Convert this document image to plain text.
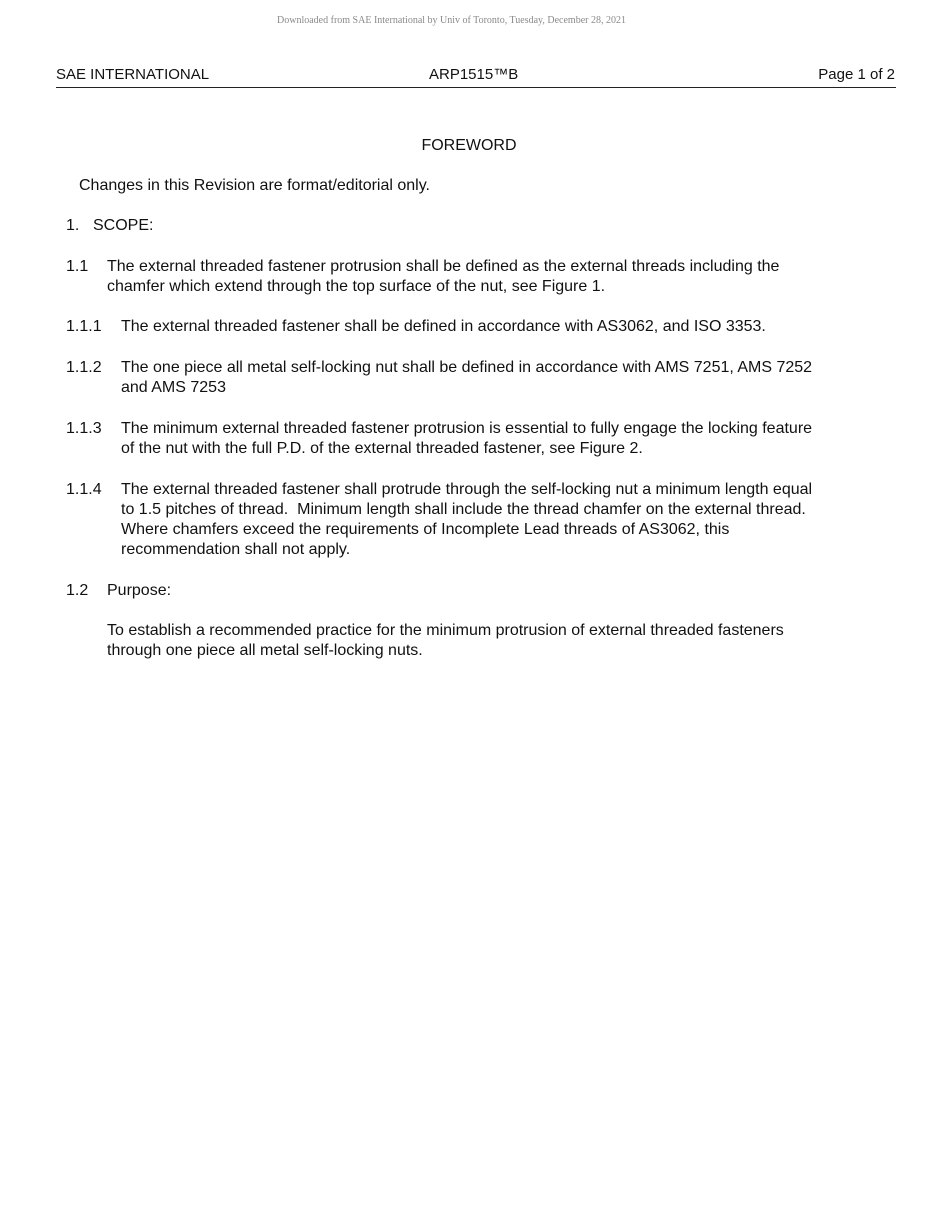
Downloaded from SAE International by Univ of Toronto, Tuesday, December 28, 2021
SAE INTERNATIONAL	ARP1515™B	Page 1 of 2
FOREWORD
Changes in this Revision are format/editorial only.
1. SCOPE:
1.1 The external threaded fastener protrusion shall be defined as the external threads including the
chamfer which extend through the top surface of the nut, see Figure 1.
1.1.1 The external threaded fastener shall be defined in accordance with AS3062, and ISO 3353.
1.1.2 The one piece all metal self-locking nut shall be defined in accordance with AMS 7251, AMS 7252
and AMS 7253
1.1.3 The minimum external threaded fastener protrusion is essential to fully engage the locking feature
of the nut with the full P.D. of the external threaded fastener, see Figure 2.
1.1.4 The external threaded fastener shall protrude through the self-locking nut a minimum length equal
to 1.5 pitches of thread.  Minimum length shall include the thread chamfer on the external thread.
Where chamfers exceed the requirements of Incomplete Lead threads of AS3062, this
recommendation shall not apply.
1.2 Purpose:
To establish a recommended practice for the minimum protrusion of external threaded fasteners
through one piece all metal self-locking nuts.
